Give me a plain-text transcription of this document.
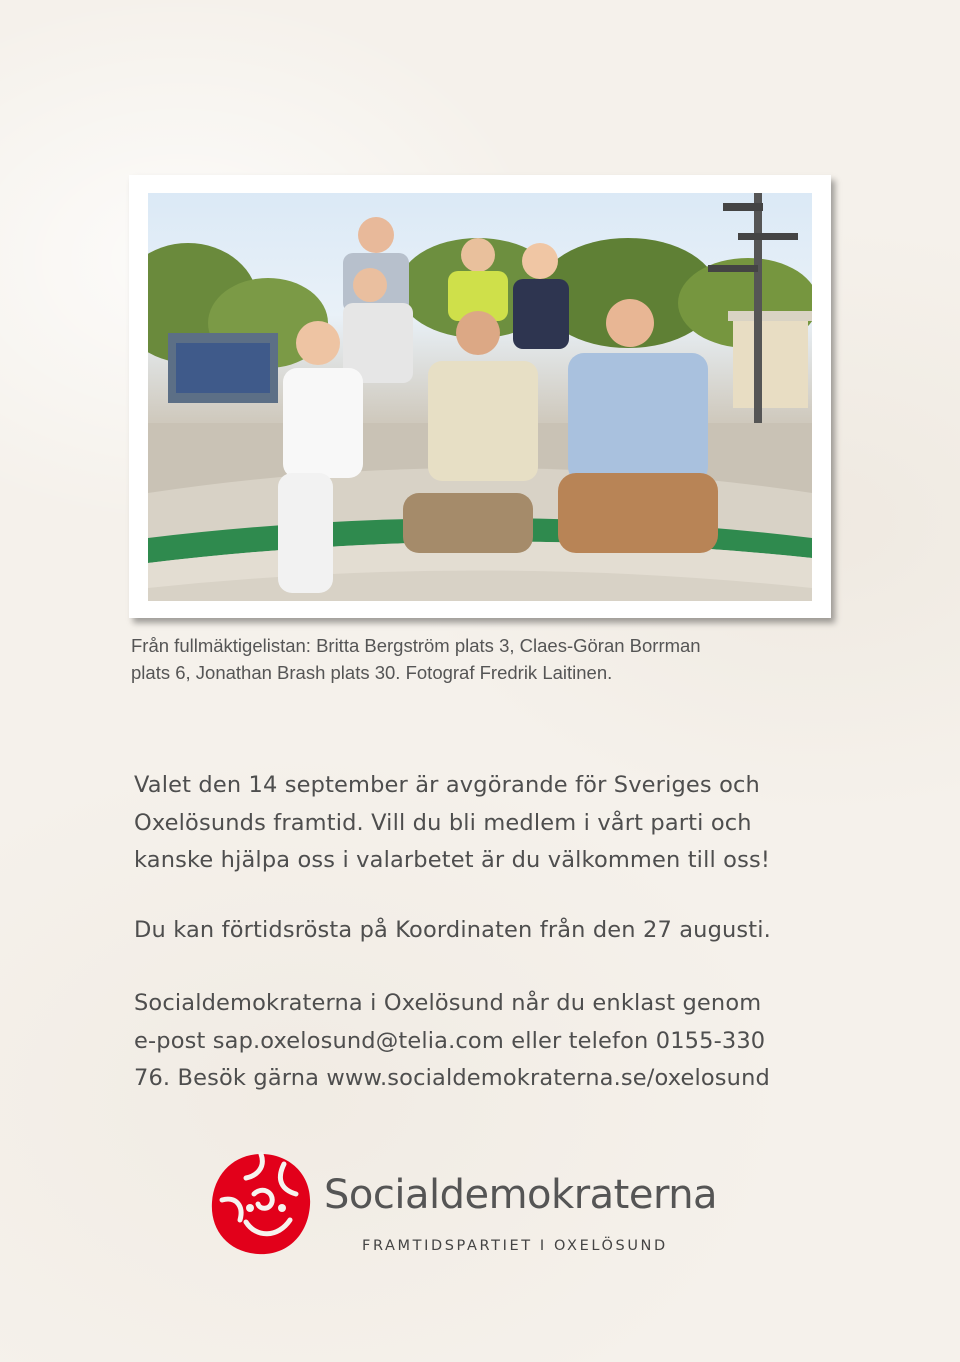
Från fullmäktigelistan: Britta Bergström plats 3, Claes-Göran Borrman
plats 6, Jonathan Brash plats 30. Fotograf Fredrik Laitinen.

Valet den 14 september är avgörande för Sveriges och
Oxelösunds framtid. Vill du bli medlem i vårt parti och
kanske hjälpa oss i valarbetet är du välkommen till oss!

Du kan förtidsrösta på Koordinaten från den 27 augusti.

Socialdemokraterna i Oxelösund når du enklast genom
e-post sap.oxelosund@telia.com eller telefon 0155-330
76. Besök gärna www.socialdemokraterna.se/oxelosund

Socialdemokraterna
FRAMTIDSPARTIET I OXELÖSUND
